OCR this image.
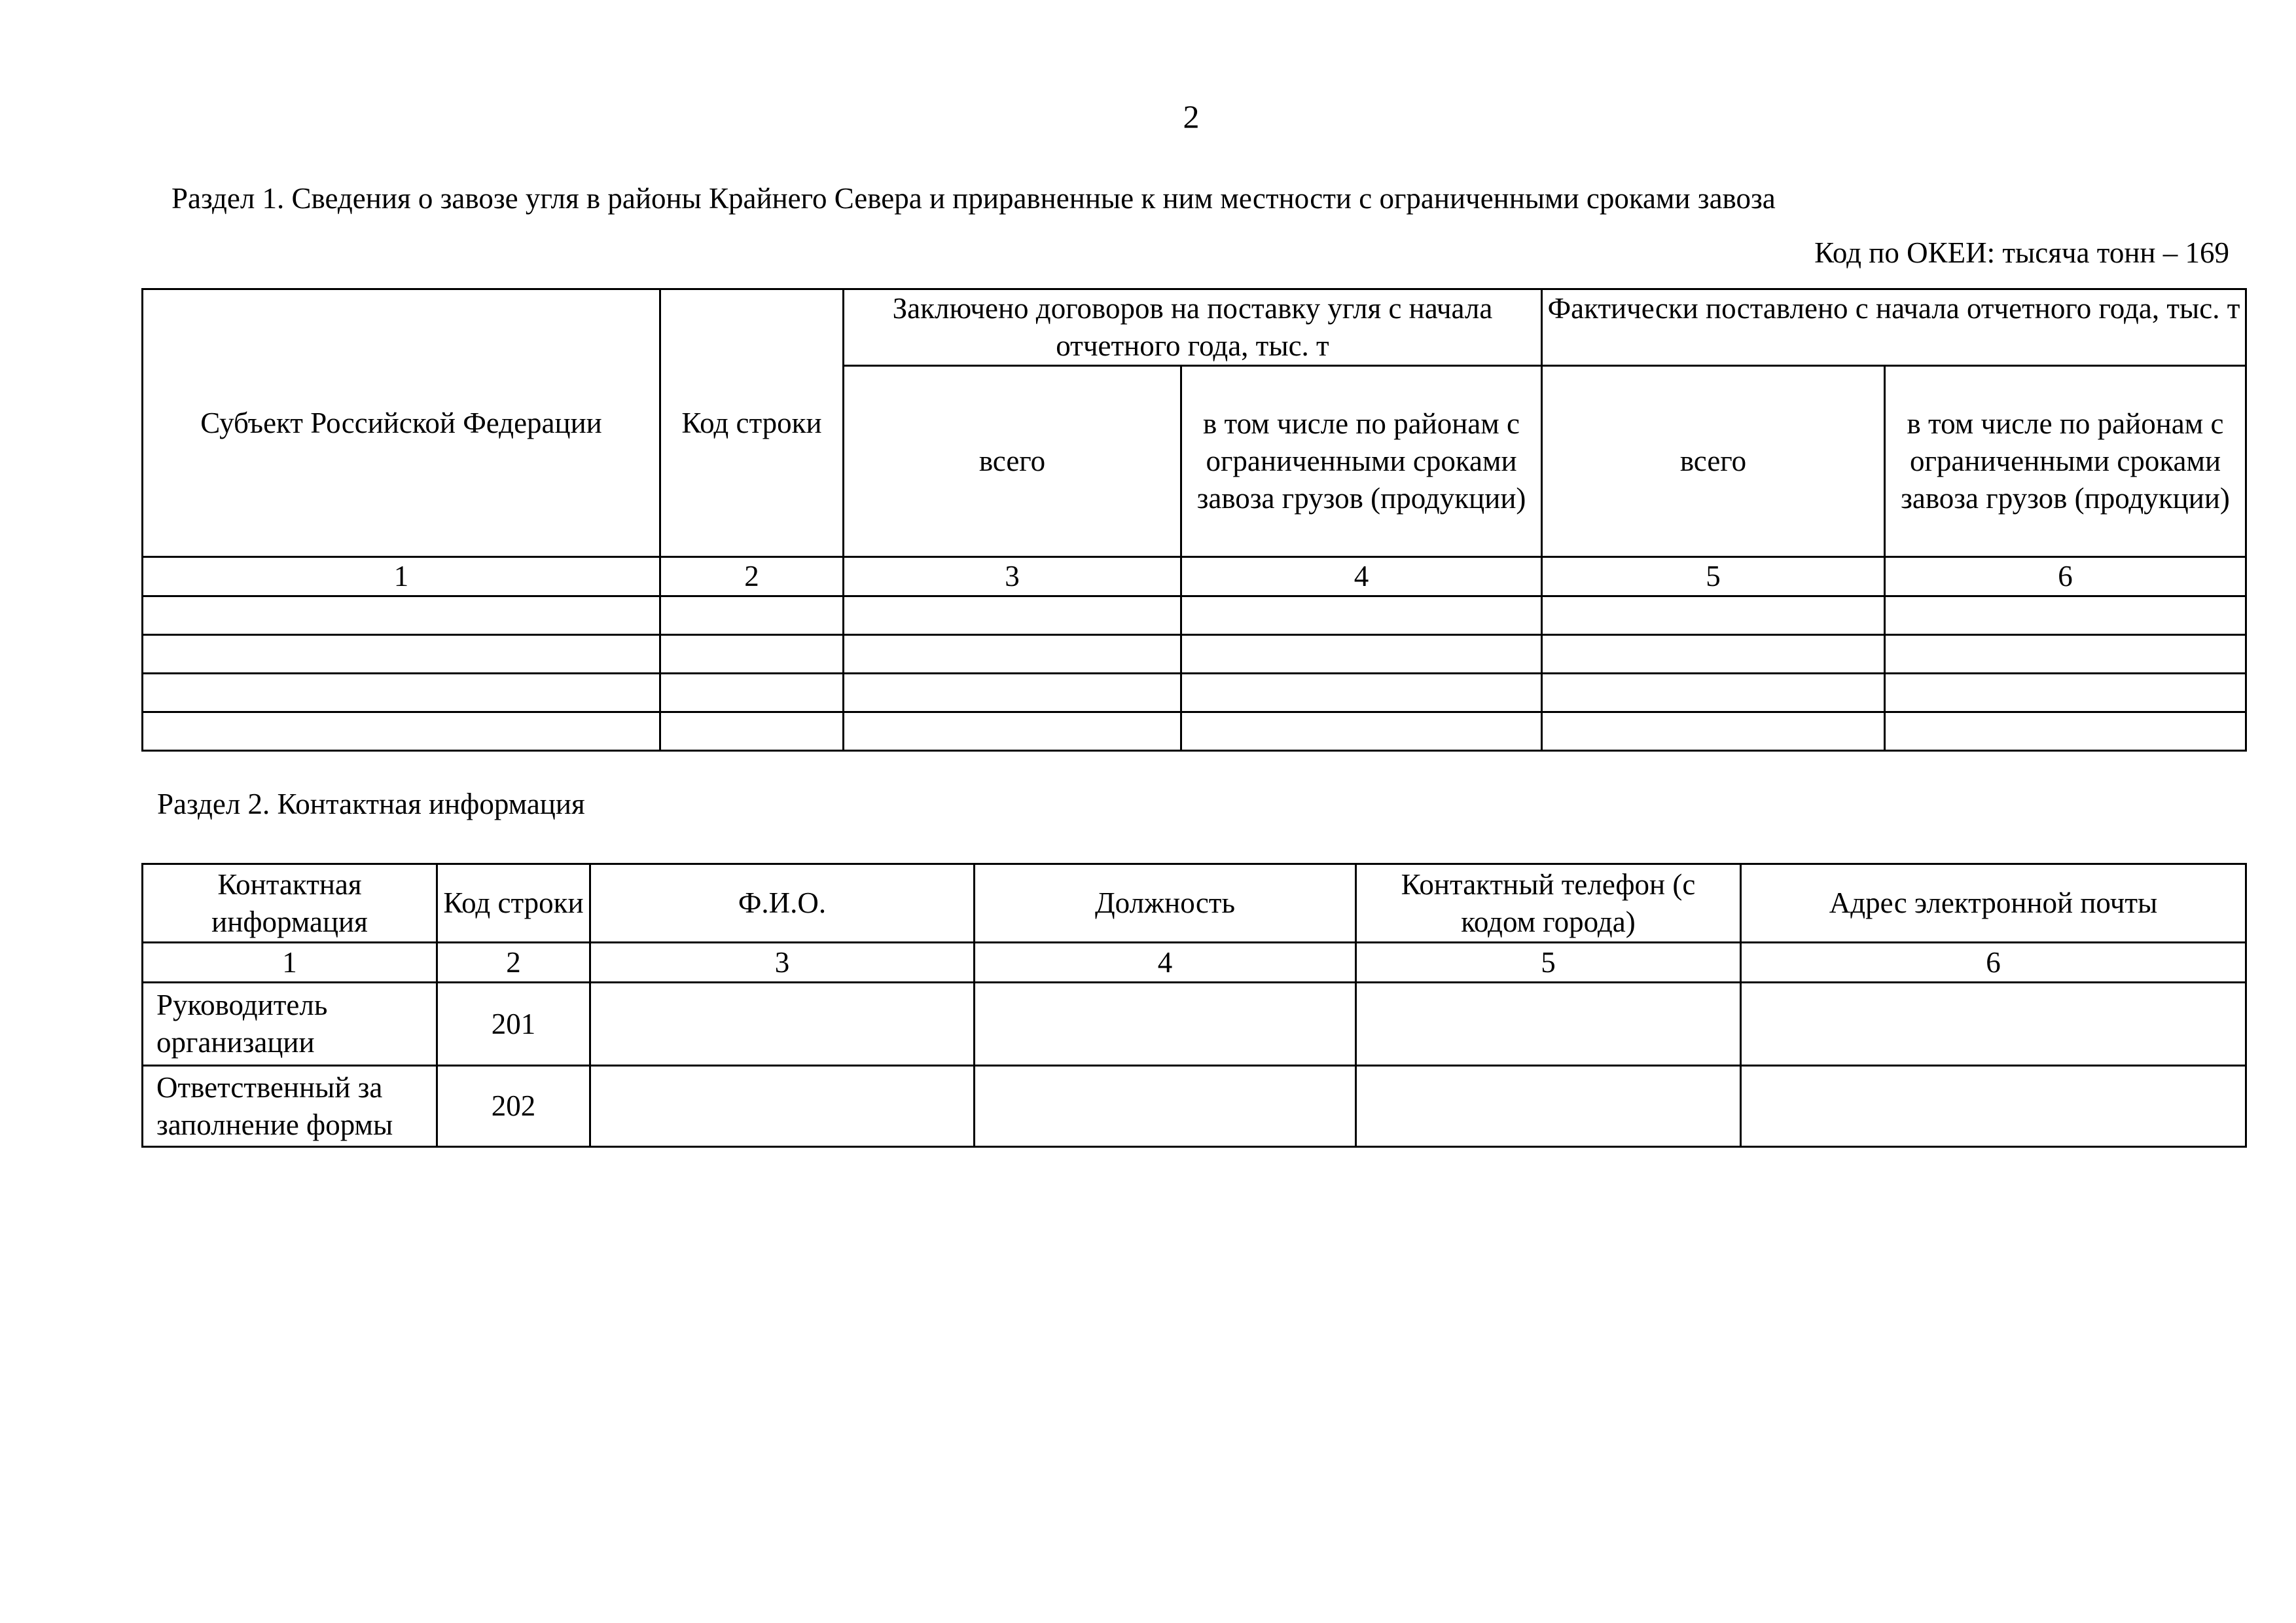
2
Раздел 1. Сведения о завозе угля в районы Крайнего Севера и приравненные к ним местности с ограниченными сроками завоза
Код по ОКЕИ: тысяча тонн – 169
Субъект Российской Федерации	Код строки	Заключено договоров на поставку угля с начала отчетного года, тыс. т		Фактически поставлено с начала отчетного года, тыс. т	
		всего	в том числе по районам с ограниченными сроками завоза грузов (продукции)	всего	в том числе по районам с ограниченными сроками завоза грузов (продукции)
1	2	3	4	5	6

Раздел 2. Контактная информация
Контактная информация	Код строки	Ф.И.О.	Должность	Контактный телефон (с кодом города)	Адрес электронной почты
1	2	3	4	5	6
Руководитель организации	201				
Ответственный за заполнение формы	202				
